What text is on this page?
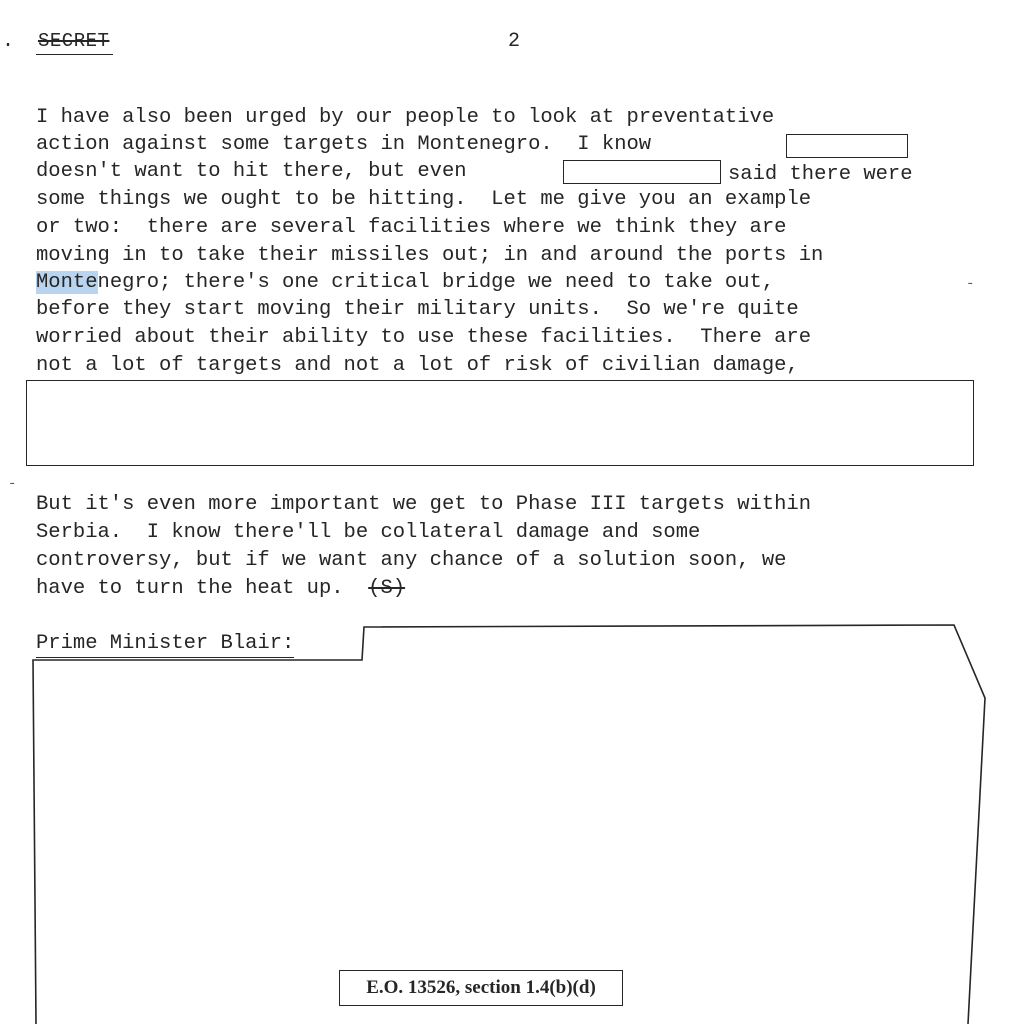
. SECRET	2
I have also been urged by our people to look at preventative
action against some targets in Montenegro.  I know
doesn't want to hit there, but even	said there were
some things we ought to be hitting.  Let me give you an example
or two:  there are several facilities where we think they are
moving in to take their missiles out; in and around the ports in
Montenegro; there's one critical bridge we need to take out,
before they start moving their military units.  So we're quite
worried about their ability to use these facilities.  There are
not a lot of targets and not a lot of risk of civilian damage,
-
-
But it's even more important we get to Phase III targets within
Serbia.  I know there'll be collateral damage and some
controversy, but if we want any chance of a solution soon, we
have to turn the heat up. (S)
Prime Minister Blair:
E.O. 13526, section 1.4(b)(d)
